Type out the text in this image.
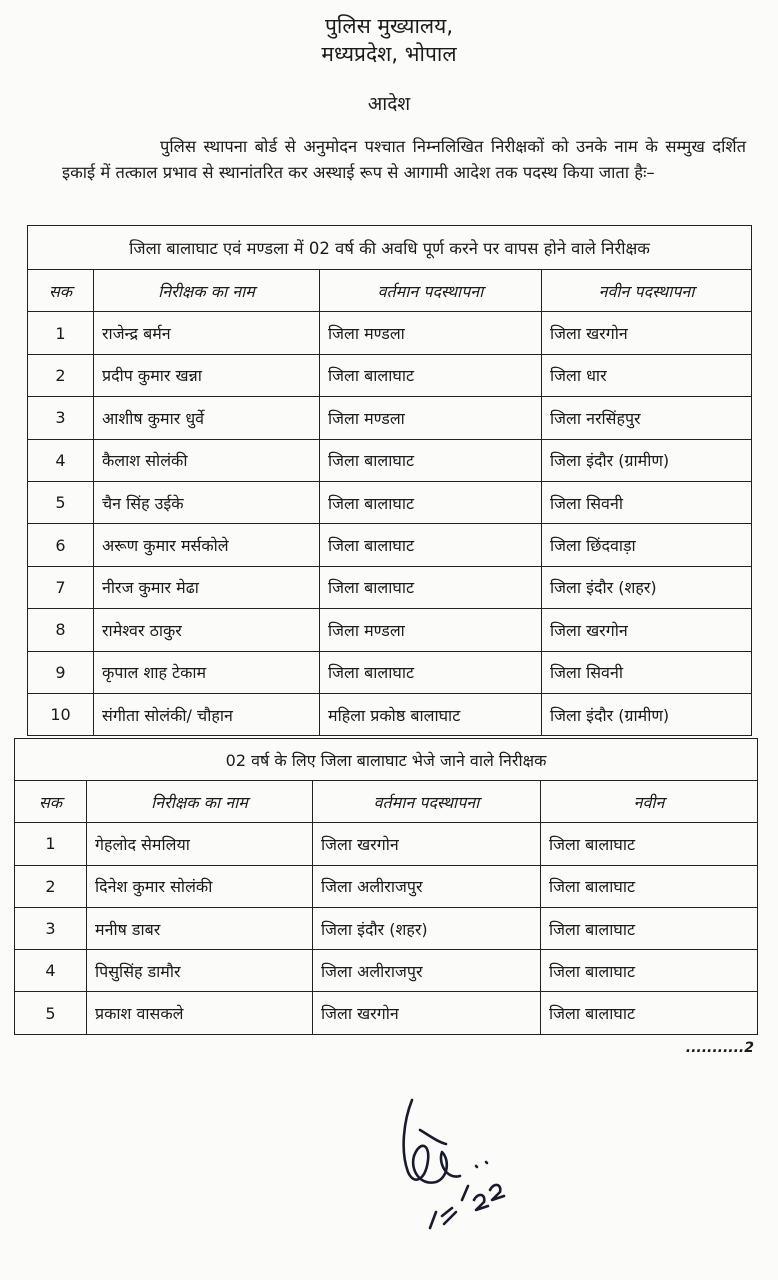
पुलिस मुख्यालय,
मध्यप्रदेश, भोपाल
आदेश

पुलिस स्थापना बोर्ड से अनुमोदन पश्चात निम्नलिखित निरीक्षकों को उनके नाम के सम्मुख दर्शित इकाई में तत्काल प्रभाव से स्थानांतरित कर अस्थाई रूप से आगामी आदेश तक पदस्थ किया जाता हैः–

जिला बालाघाट एवं मण्डला में 02 वर्ष की अवधि पूर्ण करने पर वापस होने वाले निरीक्षक			
सक	निरीक्षक का नाम	वर्तमान पदस्थापना	नवीन पदस्थापना
1	राजेन्द्र बर्मन	जिला मण्डला	जिला खरगोन
2	प्रदीप कुमार खन्ना	जिला बालाघाट	जिला धार
3	आशीष कुमार धुर्वे	जिला मण्डला	जिला नरसिंहपुर
4	कैलाश सोलंकी	जिला बालाघाट	जिला इंदौर (ग्रामीण)
5	चैन सिंह उईके	जिला बालाघाट	जिला सिवनी
6	अरूण कुमार मर्सकोले	जिला बालाघाट	जिला छिंदवाड़ा
7	नीरज कुमार मेढा	जिला बालाघाट	जिला इंदौर (शहर)
8	रामेश्वर ठाकुर	जिला मण्डला	जिला खरगोन
9	कृपाल शाह टेकाम	जिला बालाघाट	जिला सिवनी
10	संगीता सोलंकी/ चौहान	महिला प्रकोष्ठ बालाघाट	जिला इंदौर (ग्रामीण)
02 वर्ष के लिए जिला बालाघाट भेजे जाने वाले निरीक्षक			
सक	निरीक्षक का नाम	वर्तमान पदस्थापना	नवीन
1	गेहलोद सेमलिया	जिला खरगोन	जिला बालाघाट
2	दिनेश कुमार सोलंकी	जिला अलीराजपुर	जिला बालाघाट
3	मनीष डाबर	जिला इंदौर (शहर)	जिला बालाघाट
4	पिसुसिंह डामौर	जिला अलीराजपुर	जिला बालाघाट
5	प्रकाश वासकले	जिला खरगोन	जिला बालाघाट
...........2
